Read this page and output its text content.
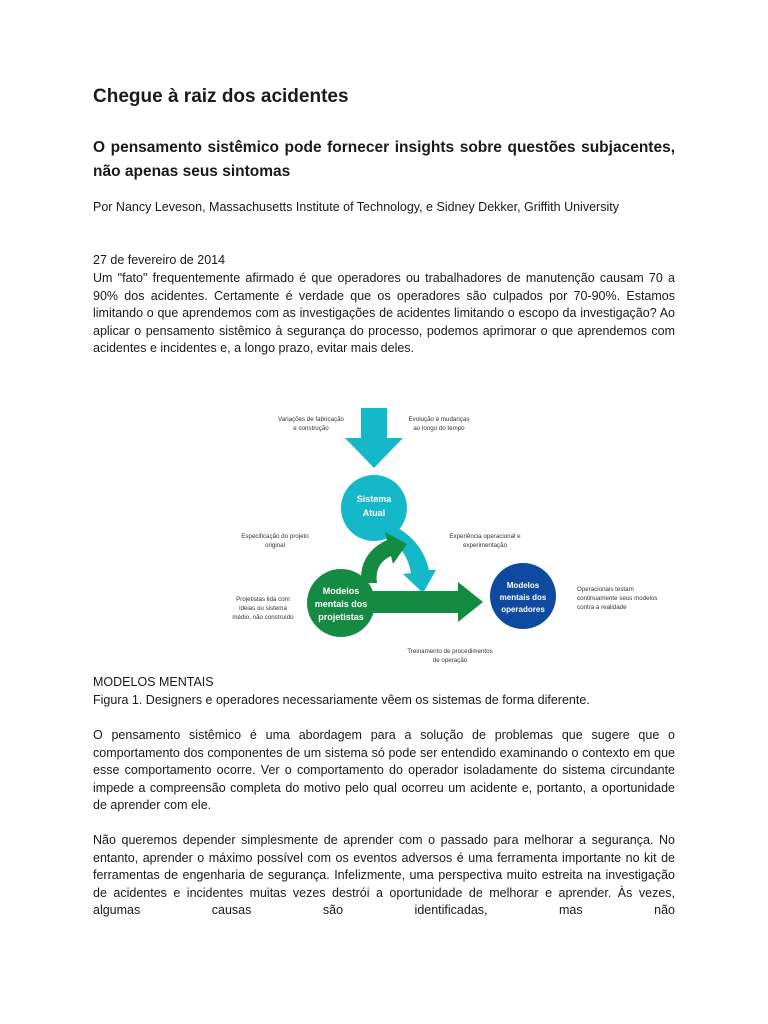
Chegue à raiz dos acidentes
O pensamento sistêmico pode fornecer insights sobre questões subjacentes, não apenas seus sintomas

Por Nancy Leveson, Massachusetts Institute of Technology, e Sidney Dekker, Griffith University

27 de fevereiro de 2014

Um "fato" frequentemente afirmado é que operadores ou trabalhadores de manutenção causam 70 a 90% dos acidentes. Certamente é verdade que os operadores são culpados por 70-90%. Estamos limitando o que aprendemos com as investigações de acidentes limitando o escopo da investigação? Ao aplicar o pensamento sistêmico à segurança do processo, podemos aprimorar o que aprendemos com acidentes e incidentes e, a longo prazo, evitar mais deles.

Sistema
Atual
Modelos
mentais dos
projetistas
Modelos
mentais dos
operadores
Variações de fabricação
e construção
Evolução e mudanças
ao longo do tempo
Especificação do projeto
original
Experiência operacional e
experimentação
Projetistas lida com
ideias ou sistema
médio, não construído
Operacionais testam
continuamente seus modelos
contra a realidade
Treinamento de procedimentos
de operação

MODELOS MENTAIS

Figura 1. Designers e operadores necessariamente vêem os sistemas de forma diferente.

O pensamento sistêmico é uma abordagem para a solução de problemas que sugere que o comportamento dos componentes de um sistema só pode ser entendido examinando o contexto em que esse comportamento ocorre. Ver o comportamento do operador isoladamente do sistema circundante impede a compreensão completa do motivo pelo qual ocorreu um acidente e, portanto, a oportunidade de aprender com ele.

Não queremos depender simplesmente de aprender com o passado para melhorar a segurança. No entanto, aprender o máximo possível com os eventos adversos é uma ferramenta importante no kit de ferramentas de engenharia de segurança. Infelizmente, uma perspectiva muito estreita na investigação de acidentes e incidentes muitas vezes destrói a oportunidade de melhorar e aprender. Às vezes, algumas causas são identificadas, mas não
